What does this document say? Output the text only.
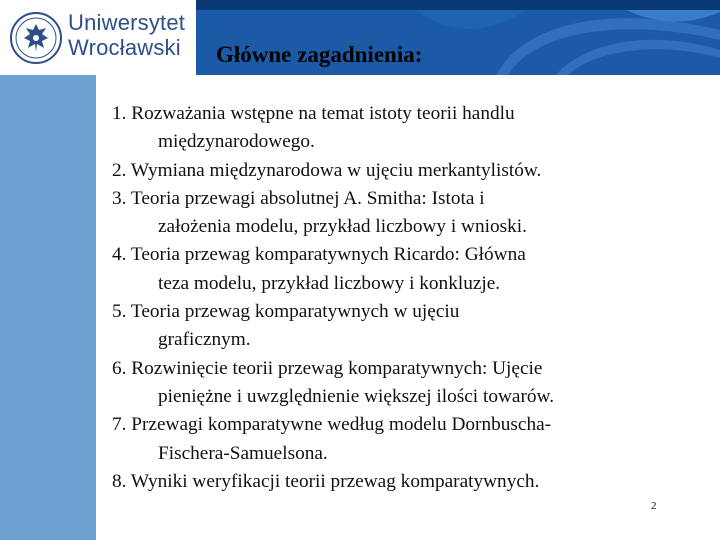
Uniwersytet
Wrocławski Główne zagadnienia:
1. Rozważania wstępne na temat istoty teorii handlu
międzynarodowego.
2. Wymiana międzynarodowa w ujęciu merkantylistów.
3. Teoria przewagi absolutnej A. Smitha: Istota i
założenia modelu, przykład liczbowy i wnioski.
4. Teoria przewag komparatywnych Ricardo: Główna
teza modelu, przykład liczbowy i konkluzje.
5. Teoria przewag komparatywnych w ujęciu
graficznym.
6. Rozwinięcie teorii przewag komparatywnych: Ujęcie
pieniężne i uwzględnienie większej ilości towarów.
7. Przewagi komparatywne według modelu Dornbuscha-
Fischera-Samuelsona.
8. Wyniki weryfikacji teorii przewag komparatywnych.
2
